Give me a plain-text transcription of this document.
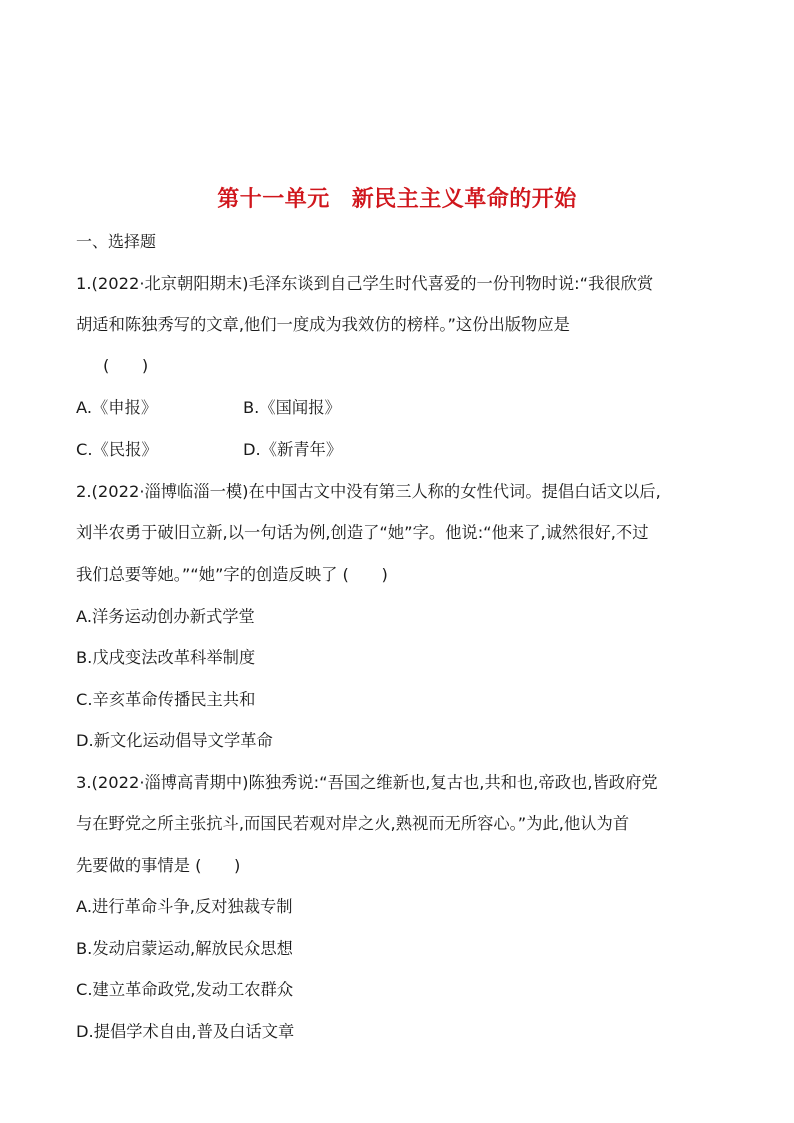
第十一单元 新民主主义革命的开始
一、选择题
1.(2022·北京朝阳期末)毛泽东谈到自己学生时代喜爱的一份刊物时说:“我很欣赏
胡适和陈独秀写的文章,他们一度成为我效仿的榜样。”这份出版物应是
(　　)
A.《申报》	B.《国闻报》
C.《民报》	D.《新青年》
2.(2022·淄博临淄一模)在中国古文中没有第三人称的女性代词。提倡白话文以后,
刘半农勇于破旧立新,以一句话为例,创造了“她”字。他说:“他来了,诚然很好,不过
我们总要等她。”“她”字的创造反映了 (　　)
A.洋务运动创办新式学堂
B.戊戌变法改革科举制度
C.辛亥革命传播民主共和
D.新文化运动倡导文学革命
3.(2022·淄博高青期中)陈独秀说:“吾国之维新也,复古也,共和也,帝政也,皆政府党
与在野党之所主张抗斗,而国民若观对岸之火,熟视而无所容心。”为此,他认为首
先要做的事情是 (　　)
A.进行革命斗争,反对独裁专制
B.发动启蒙运动,解放民众思想
C.建立革命政党,发动工农群众
D.提倡学术自由,普及白话文章
